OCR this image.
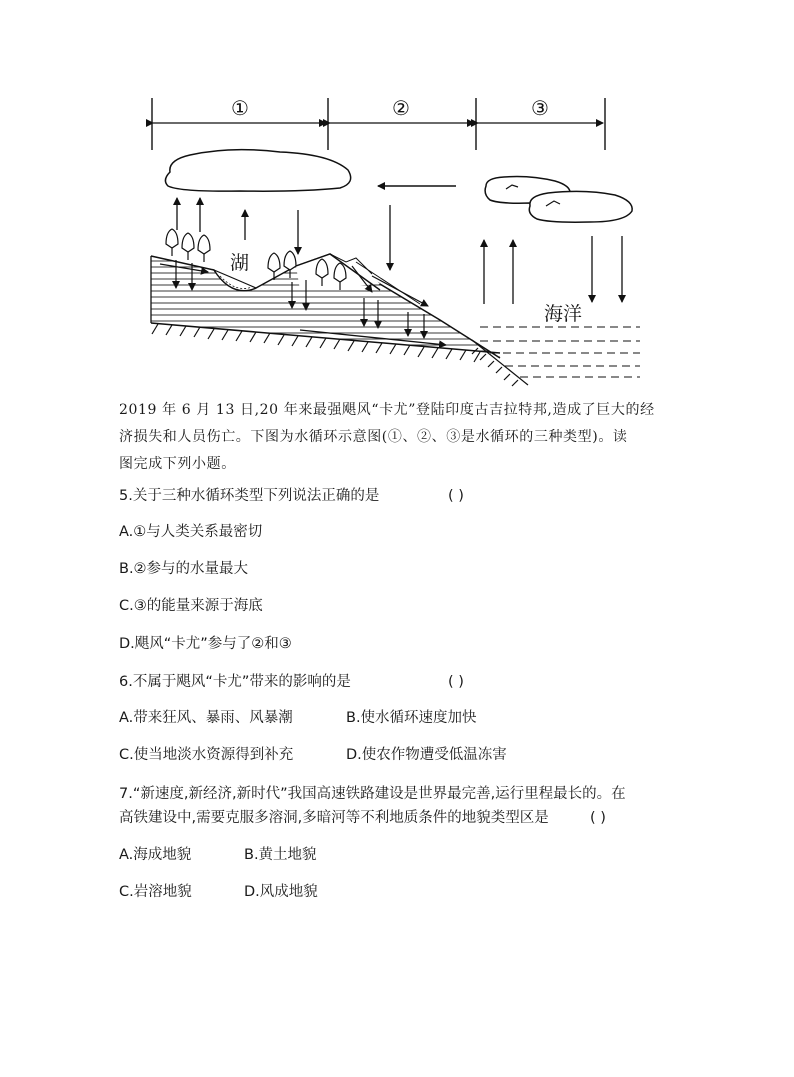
①	②	③
湖
海洋
2019 年 6 月 13 日,20 年来最强飓风“卡尤”登陆印度古吉拉特邦,造成了巨大的经
济损失和人员伤亡。下图为水循环示意图(①、②、③是水循环的三种类型)。读
图完成下列小题。
5.关于三种水循环类型下列说法正确的是	( )
A.①与人类关系最密切
B.②参与的水量最大
C.③的能量来源于海底
D.飓风“卡尤”参与了②和③
6.不属于飓风“卡尤”带来的影响的是	( )
A.带来狂风、暴雨、风暴潮	B.使水循环速度加快
C.使当地淡水资源得到补充	D.使农作物遭受低温冻害
7.“新速度,新经济,新时代”我国高速铁路建设是世界最完善,运行里程最长的。在
高铁建设中,需要克服多溶洞,多暗河等不利地质条件的地貌类型区是	( )
A.海成地貌	B.黄土地貌
C.岩溶地貌	D.风成地貌
